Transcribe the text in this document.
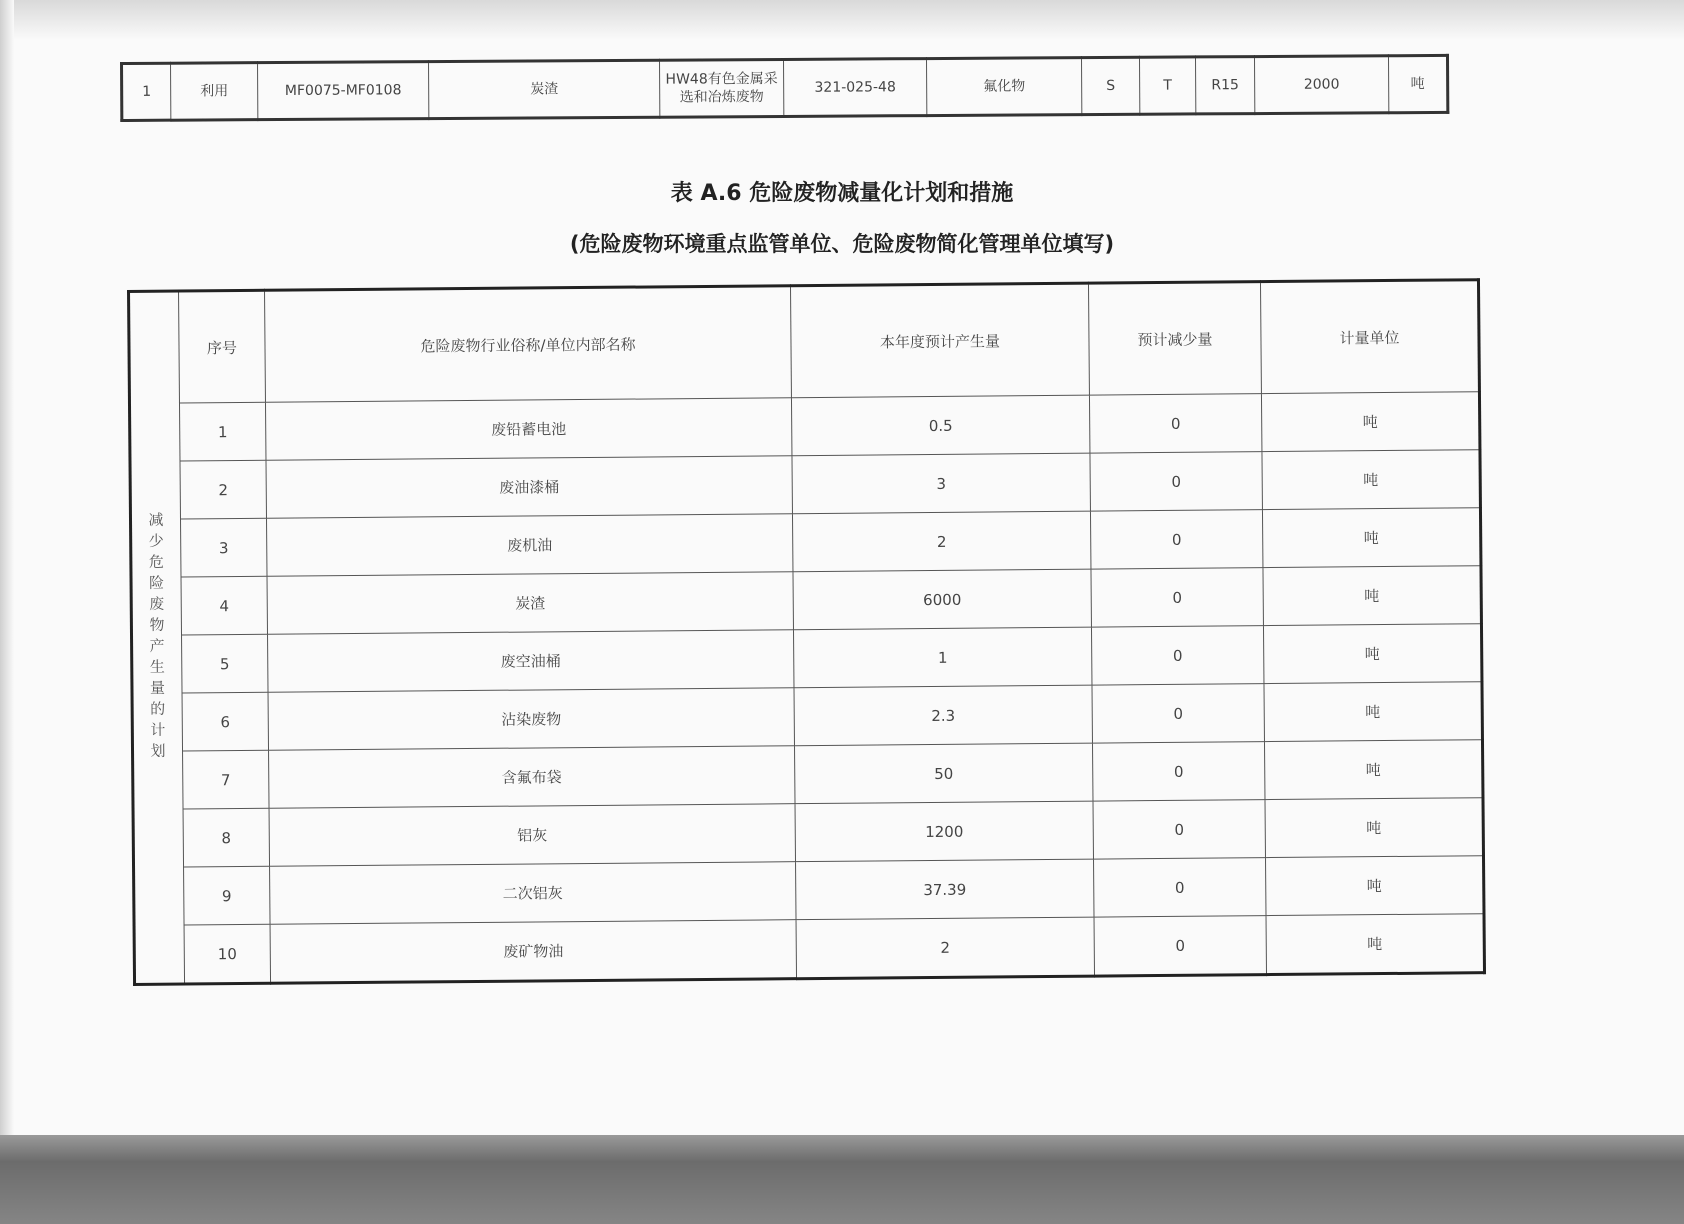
1	利用	MF0075-MF0108	炭渣	HW48有色金属采选和冶炼废物	321-025-48	氟化物	S	T	R15	2000	吨
表 A.6 危险废物减量化计划和措施
(危险废物环境重点监管单位、危险废物简化管理单位填写)
减少危险废物产生量的计划	序号	危险废物行业俗称/单位内部名称	本年度预计产生量	预计减少量	计量单位
	1	废铅蓄电池	0.5	0	吨
	2	废油漆桶	3	0	吨
	3	废机油	2	0	吨
	4	炭渣	6000	0	吨
	5	废空油桶	1	0	吨
	6	沾染废物	2.3	0	吨
	7	含氟布袋	50	0	吨
	8	铝灰	1200	0	吨
	9	二次铝灰	37.39	0	吨
	10	废矿物油	2	0	吨
